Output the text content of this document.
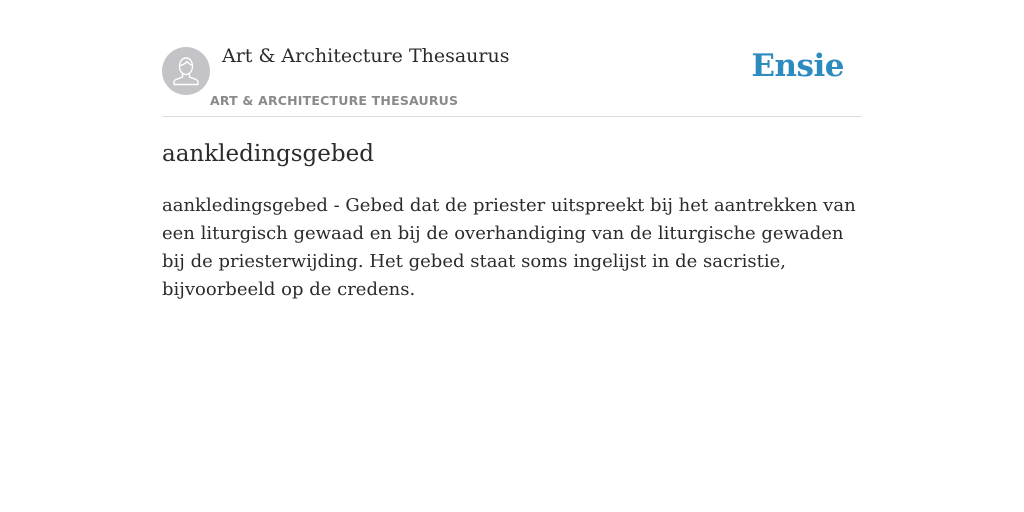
Art & Architecture Thesaurus
ART & ARCHITECTURE THESAURUS
Ensie
aankledingsgebed

aankledingsgebed - Gebed dat de priester uitspreekt bij het aantrekken van een liturgisch gewaad en bij de overhandiging van de liturgische gewaden bij de priesterwijding. Het gebed staat soms ingelijst in de sacristie, bijvoorbeeld op de credens.
